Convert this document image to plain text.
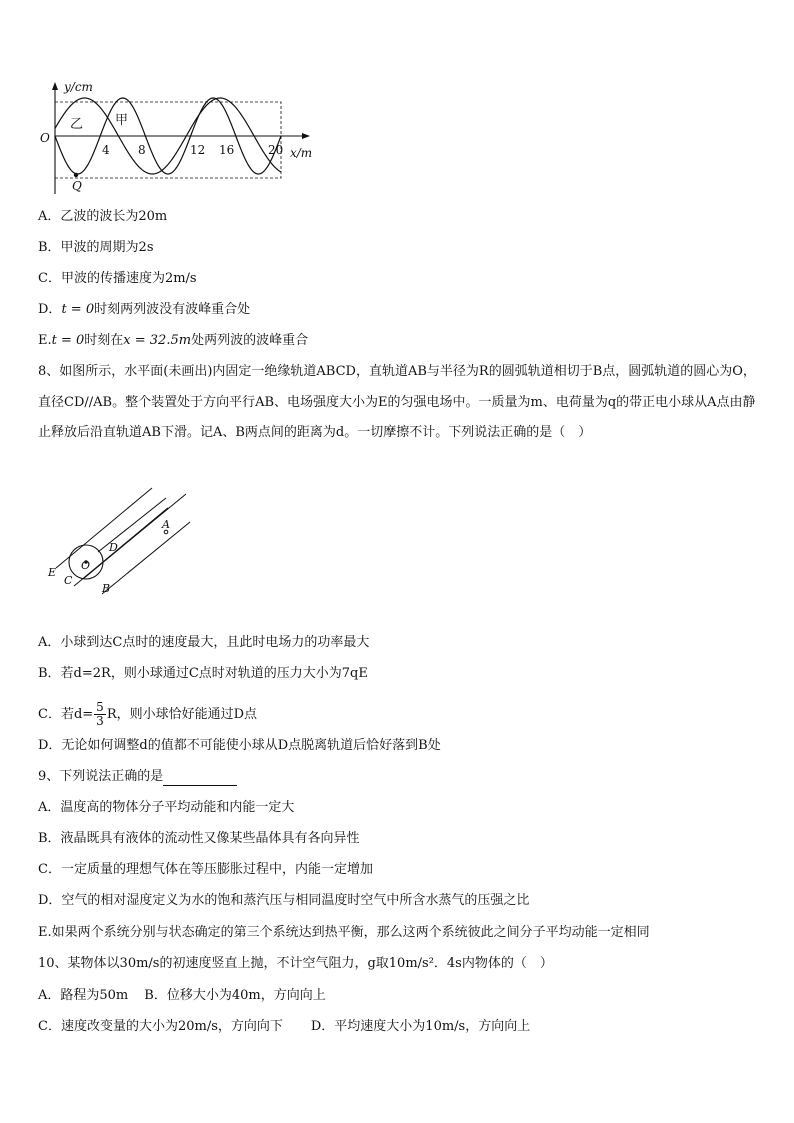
y/cm
x/m
O
4 8	12 16	20
乙 甲
Q
A．乙波的波长为20m
B．甲波的周期为2s
C．甲波的传播速度为2m/s
D．t = 0时刻两列波没有波峰重合处
E.t = 0时刻在x = 32.5m处两列波的波峰重合
8、如图所示，水平面(未画出)内固定一绝缘轨道ABCD，直轨道AB与半径为R的圆弧轨道相切于B点，圆弧轨道的圆心为O，直径CD//AB。整个装置处于方向平行AB、电场强度大小为E的匀强电场中。一质量为m、电荷量为q的带正电小球从A点由静止释放后沿直轨道AB下滑。记A、B两点间的距离为d。一切摩擦不计。下列说法正确的是（　）
E
C
O
D
B
A
A．小球到达C点时的速度最大，且此时电场力的功率最大
B．若d=2R，则小球通过C点时对轨道的压力大小为7qE
C．若$d= \frac{5}{3}$ R，则小球恰好能通过D点
D．无论如何调整d的值都不可能使小球从D点脱离轨道后恰好落到B处
9、下列说法正确的是
A．温度高的物体分子平均动能和内能一定大
B．液晶既具有液体的流动性又像某些晶体具有各向异性
C．一定质量的理想气体在等压膨胀过程中，内能一定增加
D．空气的相对湿度定义为水的饱和蒸汽压与相同温度时空气中所含水蒸气的压强之比
E.如果两个系统分别与状态确定的第三个系统达到热平衡，那么这两个系统彼此之间分子平均动能一定相同
10、某物体以30m/s的初速度竖直上抛，不计空气阻力，g取10m/s²．4s内物体的（　）
A．路程为50m B．位移大小为40m，方向向上
C．速度改变量的大小为20m/s，方向向下 D．平均速度大小为10m/s，方向向上
